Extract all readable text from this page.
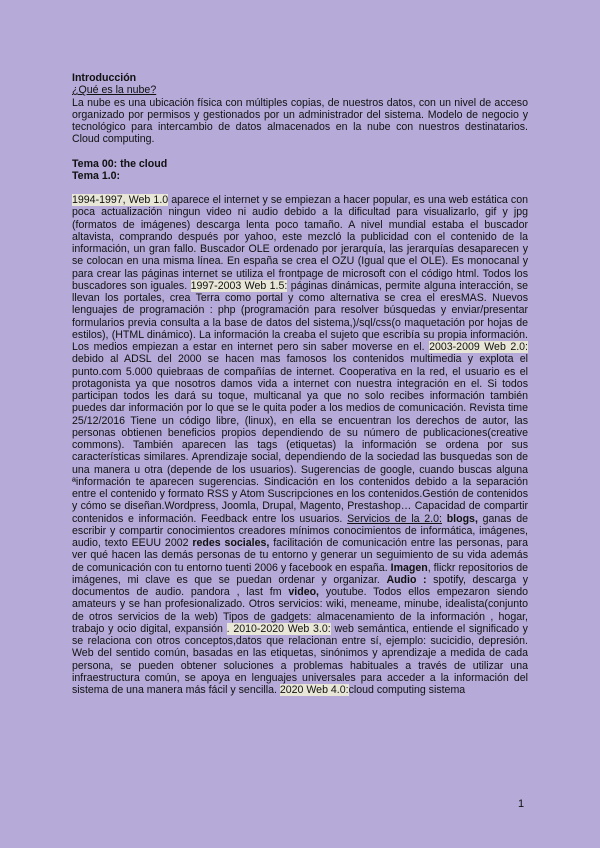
Introducción

¿Qué es la nube?

La nube es una ubicación física con múltiples copias, de nuestros datos, con un nivel de acceso organizado por permisos y gestionados por un administrador del sistema. Modelo de negocio y tecnológico para intercambio de datos almacenados en la nube con nuestros destinatarios. Cloud computing.

Tema 00: the cloud

Tema 1.0:

1994-1997, Web 1.0 aparece el internet y se empiezan a hacer popular, es una web estática con poca actualización ningun video ni audio debido a la dificultad para visualizarlo, gif y jpg (formatos de imágenes) descarga lenta poco tamaño. A nivel mundial estaba el buscador altavista, comprando después por yahoo, este mezcló la publicidad con el contenido de la información, un gran fallo. Buscador OLE ordenado por jerarquía, las jerarquías desaparecen y se colocan en una misma línea. En españa se crea el OZU (Igual que el OLE). Es monocanal y para crear las páginas internet se utiliza el frontpage de microsoft con el código html. Todos los buscadores son iguales. 1997-2003 Web 1.5: páginas dinámicas, permite alguna interacción, se llevan los portales, crea Terra como portal y como alternativa se crea el eresMAS. Nuevos lenguajes de programación : php (programación para resolver búsquedas y enviar/presentar formularios previa consulta a la base de datos del sistema,)/sql/css(o maquetación por hojas de estilos), (HTML dinámico). La información la creaba el sujeto que escribía su propia información. Los medios empiezan a estar en internet pero sin saber moverse en el. 2003-2009 Web 2.0: debido al ADSL del 2000 se hacen mas famosos los contenidos multimedia y explota el punto.com 5.000 quiebraas de compañías de internet. Cooperativa en la red, el usuario es el protagonista ya que nosotros damos vida a internet con nuestra integración en el. Si todos participan todos les dará su toque, multicanal ya que no solo recibes información también puedes dar información por lo que se le quita poder a los medios de comunicación. Revista time 25/12/2016 Tiene un código libre, (linux), en ella se encuentran los derechos de autor, las personas obtienen beneficios propios dependiendo de su número de publicaciones(creative commons). También aparecen las tags (etiquetas) la información se ordena por sus características similares. Aprendizaje social, dependiendo de la sociedad las busquedas son de una manera u otra (depende de los usuarios). Sugerencias de google, cuando buscas alguna ªinformación te aparecen sugerencias. Sindicación en los contenidos debido a la separación entre el contenido y formato RSS y Atom Suscripciones en los contenidos.Gestión de contenidos y cómo se diseñan.Wordpress, Joomla, Drupal, Magento, Prestashop… Capacidad de compartir contenidos e información. Feedback entre los usuarios. Servicios de la 2.0: blogs, ganas de escribir y compartir conocimientos creadores mínimos conocimientos de informática, imágenes, audio, texto EEUU 2002 redes sociales, facilitación de comunicación entre las personas, para ver qué hacen las demás personas de tu entorno y generar un seguimiento de su vida además de comunicación con tu entorno tuenti 2006 y facebook en españa. Imagen, flickr repositorios de imágenes, mi clave es que se puedan ordenar y organizar. Audio : spotify, descarga y documentos de audio. pandora , last fm video, youtube. Todos ellos empezaron siendo amateurs y se han profesionalizado. Otros servicios: wiki, meneame, minube, idealista(conjunto de otros servicios de la web) Tipos de gadgets: almacenamiento de la información , hogar, trabajo y ocio digital, expansión . 2010-2020 Web 3.0: web semántica, entiende el significado y se relaciona con otros conceptos,datos que relacionan entre sí, ejemplo: sucicidio, depresión. Web del sentido común, basadas en las etiquetas, sinónimos y aprendizaje a medida de cada persona, se pueden obtener soluciones a problemas habituales a través de utilizar una infraestructura común, se apoya en lenguajes universales para acceder a la información del sistema de una manera más fácil y sencilla. 2020 Web 4.0:cloud computing sistema

1
